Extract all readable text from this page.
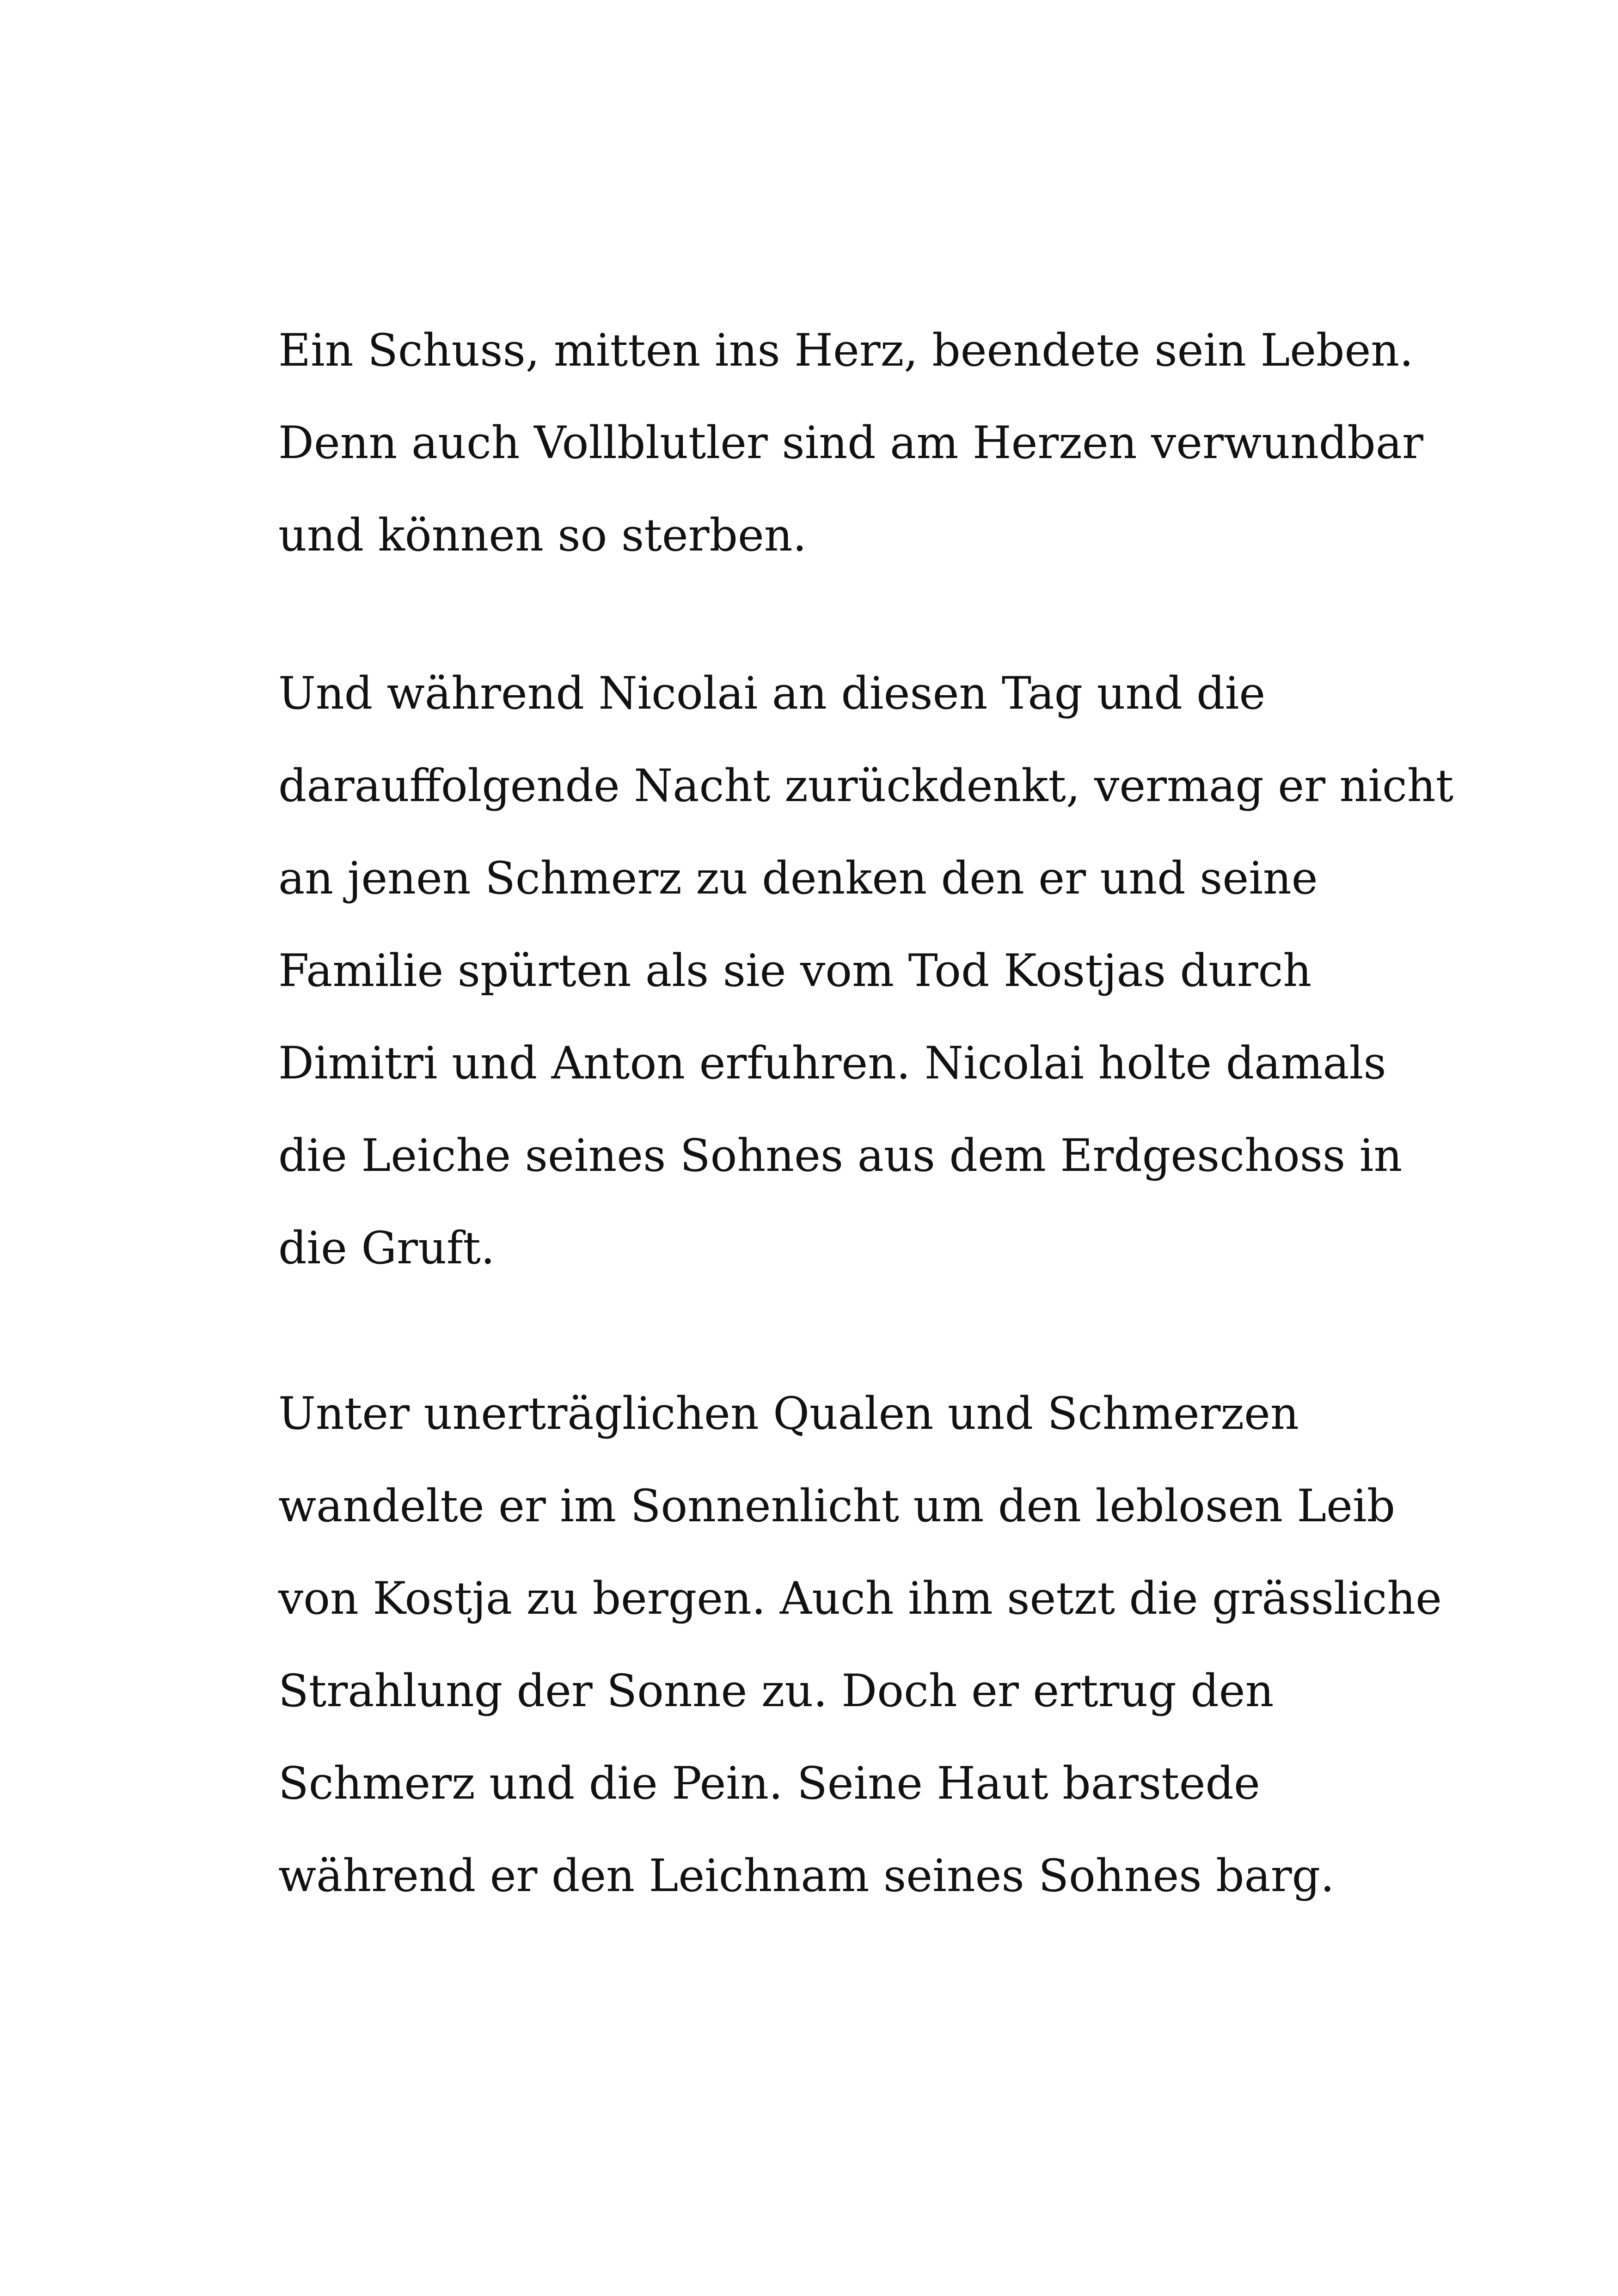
Ein Schuss, mitten ins Herz, beendete sein Leben.
Denn auch Vollblutler sind am Herzen verwundbar
und können so sterben.
Und während Nicolai an diesen Tag und die
darauffolgende Nacht zurückdenkt, vermag er nicht
an jenen Schmerz zu denken den er und seine
Familie spürten als sie vom Tod Kostjas durch
Dimitri und Anton erfuhren. Nicolai holte damals
die Leiche seines Sohnes aus dem Erdgeschoss in
die Gruft.
Unter unerträglichen Qualen und Schmerzen
wandelte er im Sonnenlicht um den leblosen Leib
von Kostja zu bergen. Auch ihm setzt die grässliche
Strahlung der Sonne zu. Doch er ertrug den
Schmerz und die Pein. Seine Haut barstede
während er den Leichnam seines Sohnes barg.
